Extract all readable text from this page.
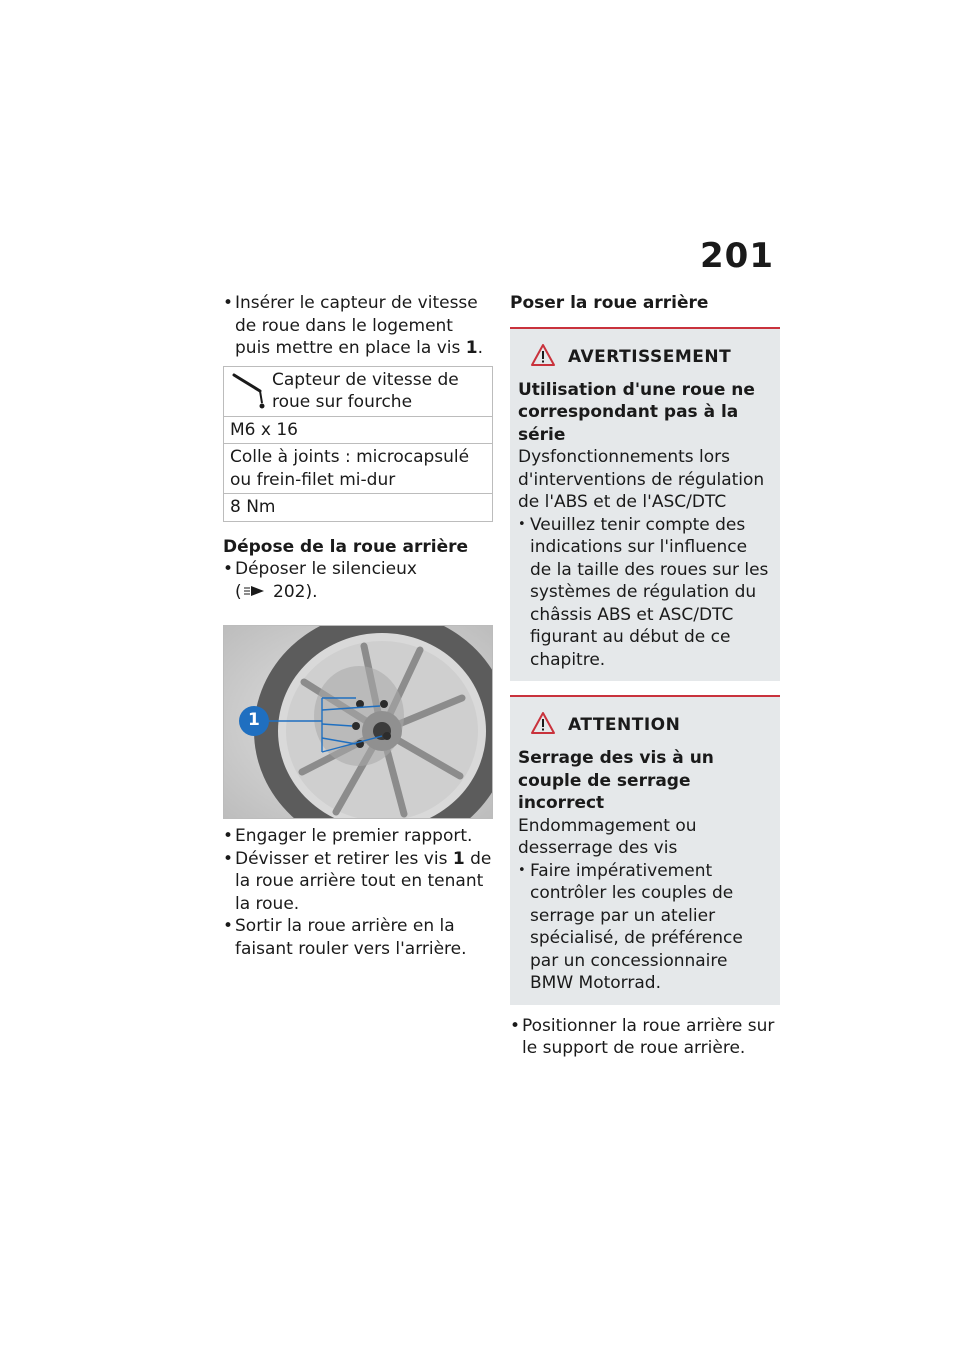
201
• Insérer le capteur de vitesse de roue dans le logement puis mettre en place la vis 1.
Capteur de vitesse de roue sur fourche
M6 x 16
Colle à joints : microcapsulé ou frein-filet mi-dur
8 Nm
Dépose de la roue arrière
• Déposer le silencieux
( 202).
1
• Engager le premier rapport.
• Dévisser et retirer les vis 1 de la roue arrière tout en tenant la roue.
• Sortir la roue arrière en la faisant rouler vers l'arrière.
Poser la roue arrière
AVERTISSEMENT
Utilisation d'une roue ne correspondant pas à la série
Dysfonctionnements lors d'interventions de régulation de l'ABS et de l'ASC/DTC
• Veuillez tenir compte des indications sur l'influence de la taille des roues sur les systèmes de régulation du châssis ABS et ASC/DTC figurant au début de ce chapitre.
ATTENTION
Serrage des vis à un couple de serrage incorrect
Endommagement ou desserrage des vis
• Faire impérativement contrôler les couples de serrage par un atelier spécialisé, de préférence par un concessionnaire BMW Motorrad.
• Positionner la roue arrière sur le support de roue arrière.
